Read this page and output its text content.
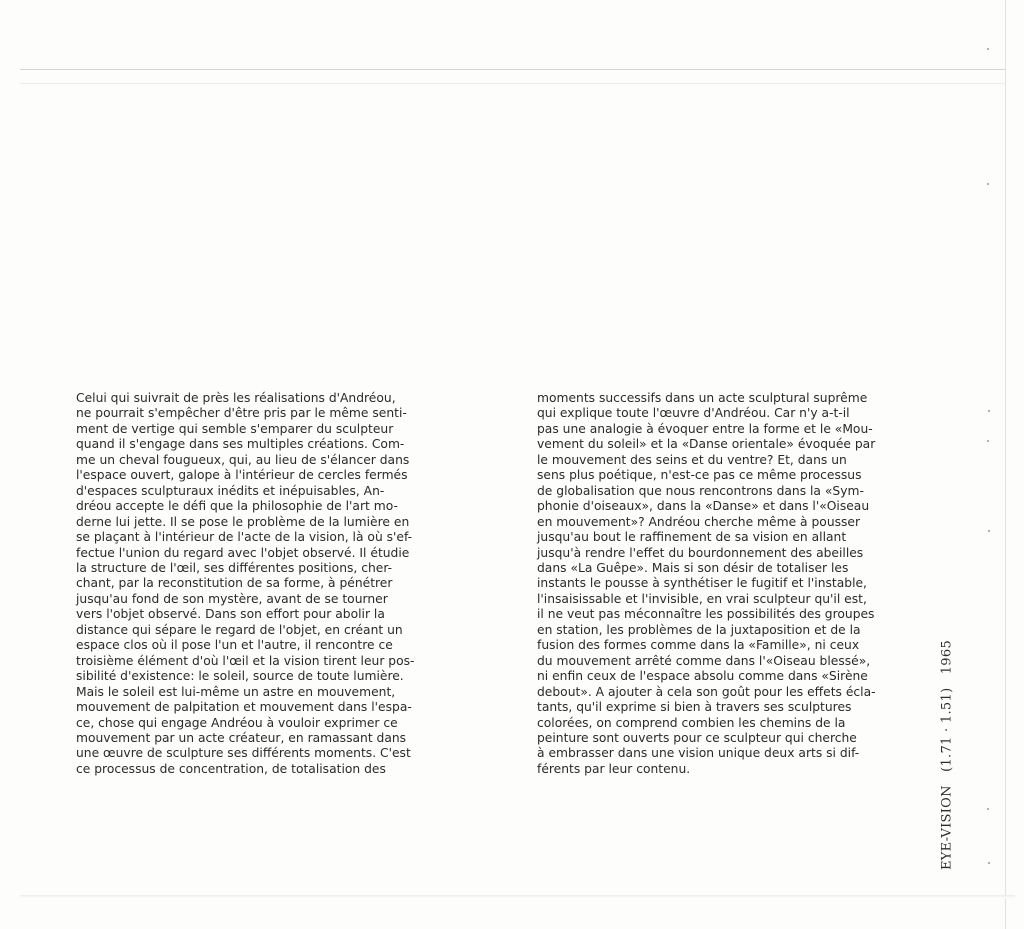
Celui qui suivrait de près les réalisations d'Andréou,
ne pourrait s'empêcher d'être pris par le même senti-
ment de vertige qui semble s'emparer du sculpteur
quand il s'engage dans ses multiples créations. Com-
me un cheval fougueux, qui, au lieu de s'élancer dans
l'espace ouvert, galope à l'intérieur de cercles fermés
d'espaces sculpturaux inédits et inépuisables, An-
dréou accepte le défi que la philosophie de l'art mo-
derne lui jette. Il se pose le problème de la lumière en
se plaçant à l'intérieur de l'acte de la vision, là où s'ef-
fectue l'union du regard avec l'objet observé. Il étudie
la structure de l'œil, ses différentes positions, cher-
chant, par la reconstitution de sa forme, à pénétrer
jusqu'au fond de son mystère, avant de se tourner
vers l'objet observé. Dans son effort pour abolir la
distance qui sépare le regard de l'objet, en créant un
espace clos où il pose l'un et l'autre, il rencontre ce
troisième élément d'où l'œil et la vision tirent leur pos-
sibilité d'existence: le soleil, source de toute lumière.
Mais le soleil est lui-même un astre en mouvement,
mouvement de palpitation et mouvement dans l'espa-
ce, chose qui engage Andréou à vouloir exprimer ce
mouvement par un acte créateur, en ramassant dans
une œuvre de sculpture ses différents moments. C'est
ce processus de concentration, de totalisation des
moments successifs dans un acte sculptural suprême
qui explique toute l'œuvre d'Andréou. Car n'y a-t-il
pas une analogie à évoquer entre la forme et le «Mou-
vement du soleil» et la «Danse orientale» évoquée par
le mouvement des seins et du ventre? Et, dans un
sens plus poétique, n'est-ce pas ce même processus
de globalisation que nous rencontrons dans la «Sym-
phonie d'oiseaux», dans la «Danse» et dans l'«Oiseau
en mouvement»? Andréou cherche même à pousser
jusqu'au bout le raffinement de sa vision en allant
jusqu'à rendre l'effet du bourdonnement des abeilles
dans «La Guêpe». Mais si son désir de totaliser les
instants le pousse à synthétiser le fugitif et l'instable,
l'insaisissable et l'invisible, en vrai sculpteur qu'il est,
il ne veut pas méconnaître les possibilités des groupes
en station, les problèmes de la juxtaposition et de la
fusion des formes comme dans la «Famille», ni ceux
du mouvement arrêté comme dans l'«Oiseau blessé»,
ni enfin ceux de l'espace absolu comme dans «Sirène
debout». A ajouter à cela son goût pour les effets écla-
tants, qu'il exprime si bien à travers ses sculptures
colorées, on comprend combien les chemins de la
peinture sont ouverts pour ce sculpteur qui cherche
à embrasser dans une vision unique deux arts si dif-
férents par leur contenu.	EYE-VISION   (1.71 · 1.51)   1965
